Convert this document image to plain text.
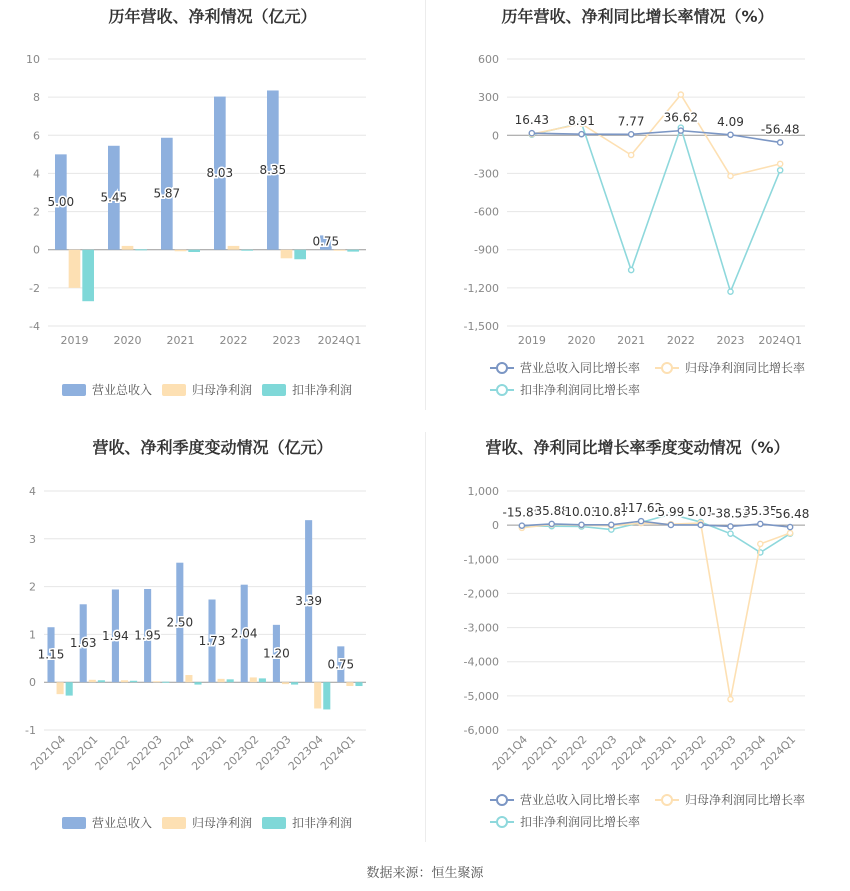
历年营收、净利情况（亿元）
-4
-2
0
2
4
6
8
10
2019 2020 2021 2022 2023 2024Q1
5.00 5.45 5.87
8.03 8.35
0.75
营业总收入	归母净利润	扣非净利润
历年营收、净利同比增长率情况（%）
-1,500
-1,200
-900
-600
-300
0
300
600
2019 2020 2021 2022 2023 2024Q1
16.43 8.91 7.77 36.62 4.09
-56.48
营业总收入同比增长率	归母净利润同比增长率
扣非净利润同比增长率
营收、净利季度变动情况（亿元）
-1
0
1
2
3
4
2021Q4
2022Q1
2022Q2
2022Q3
2022Q4
2023Q1
2023Q2
2023Q3
2023Q4
2024Q1
1.15
1.63
1.94 1.95
2.50
1.73
2.04
1.20
3.39
0.75
营业总收入	归母净利润	扣非净利润
营收、净利同比增长率季度变动情况（%）
-6,000
-5,000
-4,000
-3,000
-2,000
-1,000
0
1,000
2021Q4
2022Q1
2022Q2
2022Q3
2022Q4
2023Q1
2023Q2
2023Q3
2023Q4
2024Q1
-15.86
35.88
10.03
10.87
117.62
5.99 5.01
-38.53
35.35
-56.48
营业总收入同比增长率	归母净利润同比增长率
扣非净利润同比增长率
数据来源：恒生聚源
